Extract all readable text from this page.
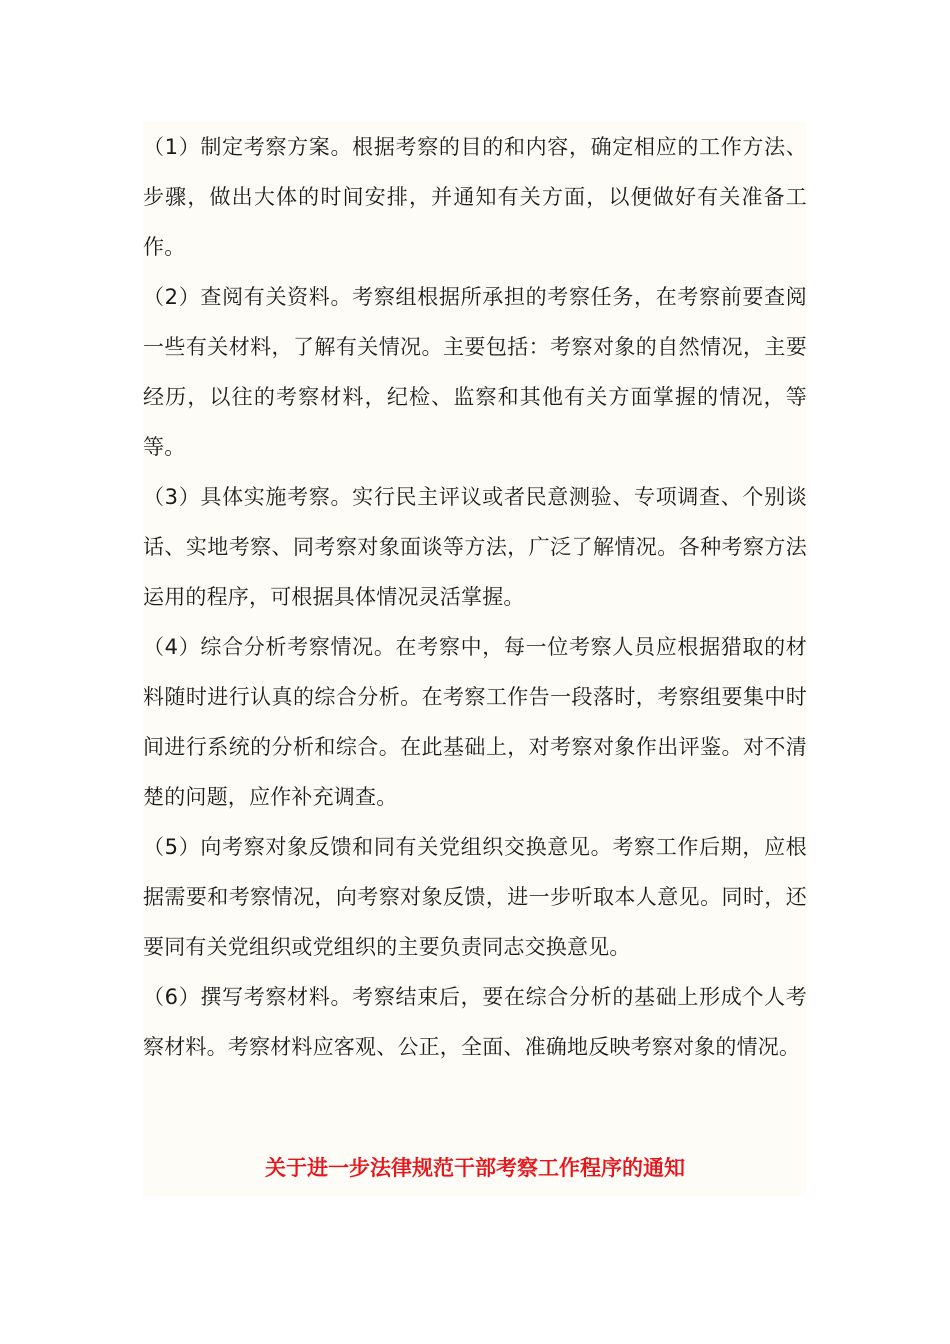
（1）制定考察方案。根据考察的目的和内容，确定相应的工作方法、步骤，做出大体的时间安排，并通知有关方面，以便做好有关准备工作。

（2）查阅有关资料。考察组根据所承担的考察任务，在考察前要查阅一些有关材料，了解有关情况。主要包括：考察对象的自然情况，主要经历，以往的考察材料，纪检、监察和其他有关方面掌握的情况，等等。

（3）具体实施考察。实行民主评议或者民意测验、专项调查、个别谈话、实地考察、同考察对象面谈等方法，广泛了解情况。各种考察方法运用的程序，可根据具体情况灵活掌握。

（4）综合分析考察情况。在考察中，每一位考察人员应根据猎取的材料随时进行认真的综合分析。在考察工作告一段落时，考察组要集中时间进行系统的分析和综合。在此基础上，对考察对象作出评鉴。对不清楚的问题，应作补充调查。

（5）向考察对象反馈和同有关党组织交换意见。考察工作后期，应根据需要和考察情况，向考察对象反馈，进一步听取本人意见。同时，还要同有关党组织或党组织的主要负责同志交换意见。

（6）撰写考察材料。考察结束后，要在综合分析的基础上形成个人考察材料。考察材料应客观、公正，全面、准确地反映考察对象的情况。

关于进一步法律规范干部考察工作程序的通知
